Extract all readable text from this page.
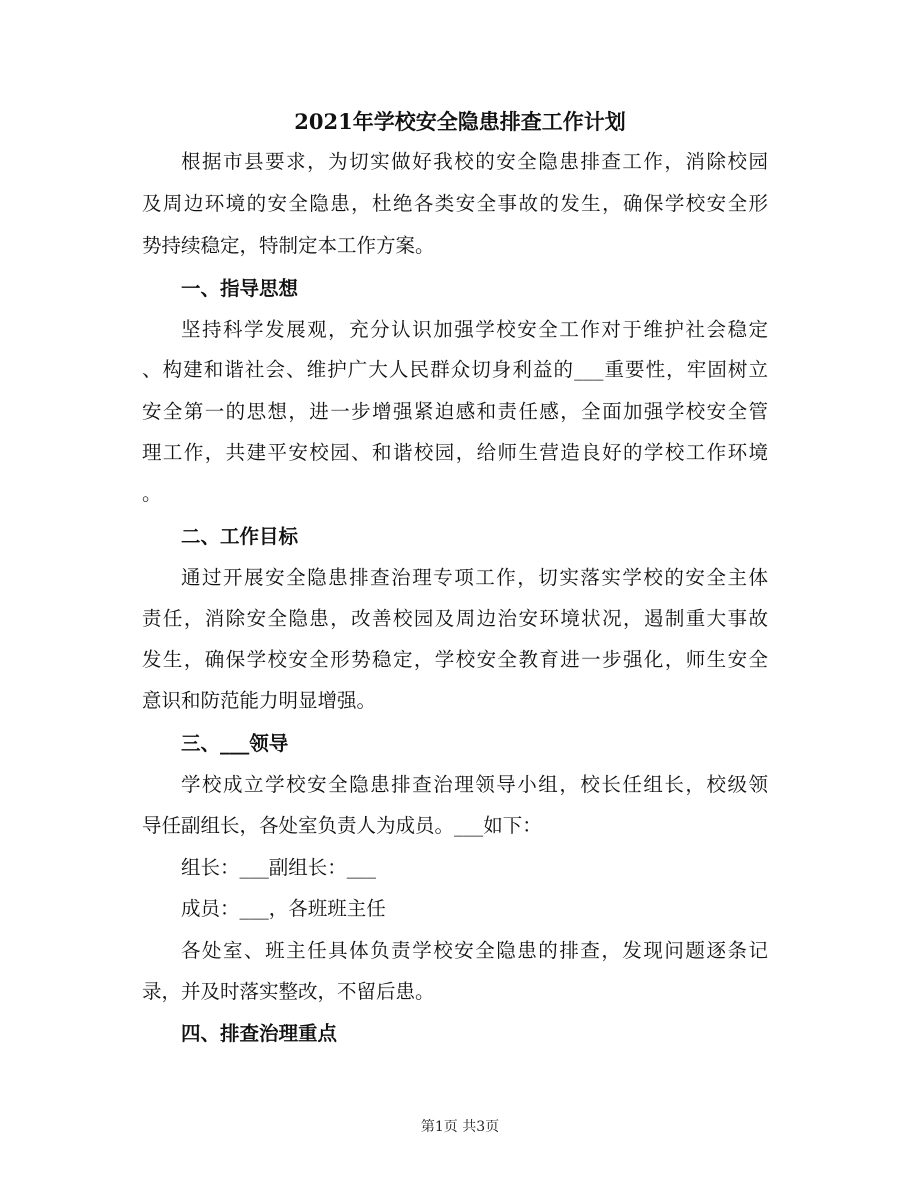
2021年学校安全隐患排查工作计划
根据市县要求，为切实做好我校的安全隐患排查工作，消除校园
及周边环境的安全隐患，杜绝各类安全事故的发生，确保学校安全形
势持续稳定，特制定本工作方案。
一、指导思想
坚持科学发展观，充分认识加强学校安全工作对于维护社会稳定
、构建和谐社会、维护广大人民群众切身利益的___重要性，牢固树立
安全第一的思想，进一步增强紧迫感和责任感，全面加强学校安全管
理工作，共建平安校园、和谐校园，给师生营造良好的学校工作环境
。
二、工作目标
通过开展安全隐患排查治理专项工作，切实落实学校的安全主体
责任，消除安全隐患，改善校园及周边治安环境状况，遏制重大事故
发生，确保学校安全形势稳定，学校安全教育进一步强化，师生安全
意识和防范能力明显增强。
三、___领导
学校成立学校安全隐患排查治理领导小组，校长任组长，校级领
导任副组长，各处室负责人为成员。___如下：
组长：___副组长：___
成员：___，各班班主任
各处室、班主任具体负责学校安全隐患的排查，发现问题逐条记
录，并及时落实整改，不留后患。
四、排查治理重点
第1页 共3页
